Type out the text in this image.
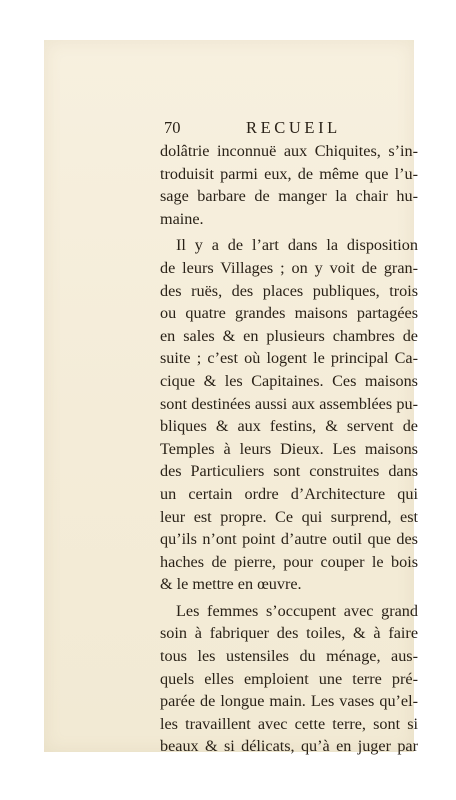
70	RECUEIL
dolâtrie inconnuë aux Chiquites, s’in-
troduisit parmi eux, de même que l’u-
sage barbare de manger la chair hu-
maine.
Il y a de l’art dans la disposition
de leurs Villages ; on y voit de gran-
des ruës, des places publiques, trois
ou quatre grandes maisons partagées
en sales & en plusieurs chambres de
suite ; c’est où logent le principal Ca-
cique & les Capitaines. Ces maisons
sont destinées aussi aux assemblées pu-
bliques & aux festins, & servent de
Temples à leurs Dieux. Les maisons
des Particuliers sont construites dans
un certain ordre d’Architecture qui
leur est propre. Ce qui surprend, est
qu’ils n’ont point d’autre outil que des
haches de pierre, pour couper le bois
& le mettre en œuvre.
Les femmes s’occupent avec grand
soin à fabriquer des toiles, & à faire
tous les ustensiles du ménage, aus-
quels elles emploient une terre pré-
parée de longue main. Les vases qu’el-
les travaillent avec cette terre, sont si
beaux & si délicats, qu’à en juger par
